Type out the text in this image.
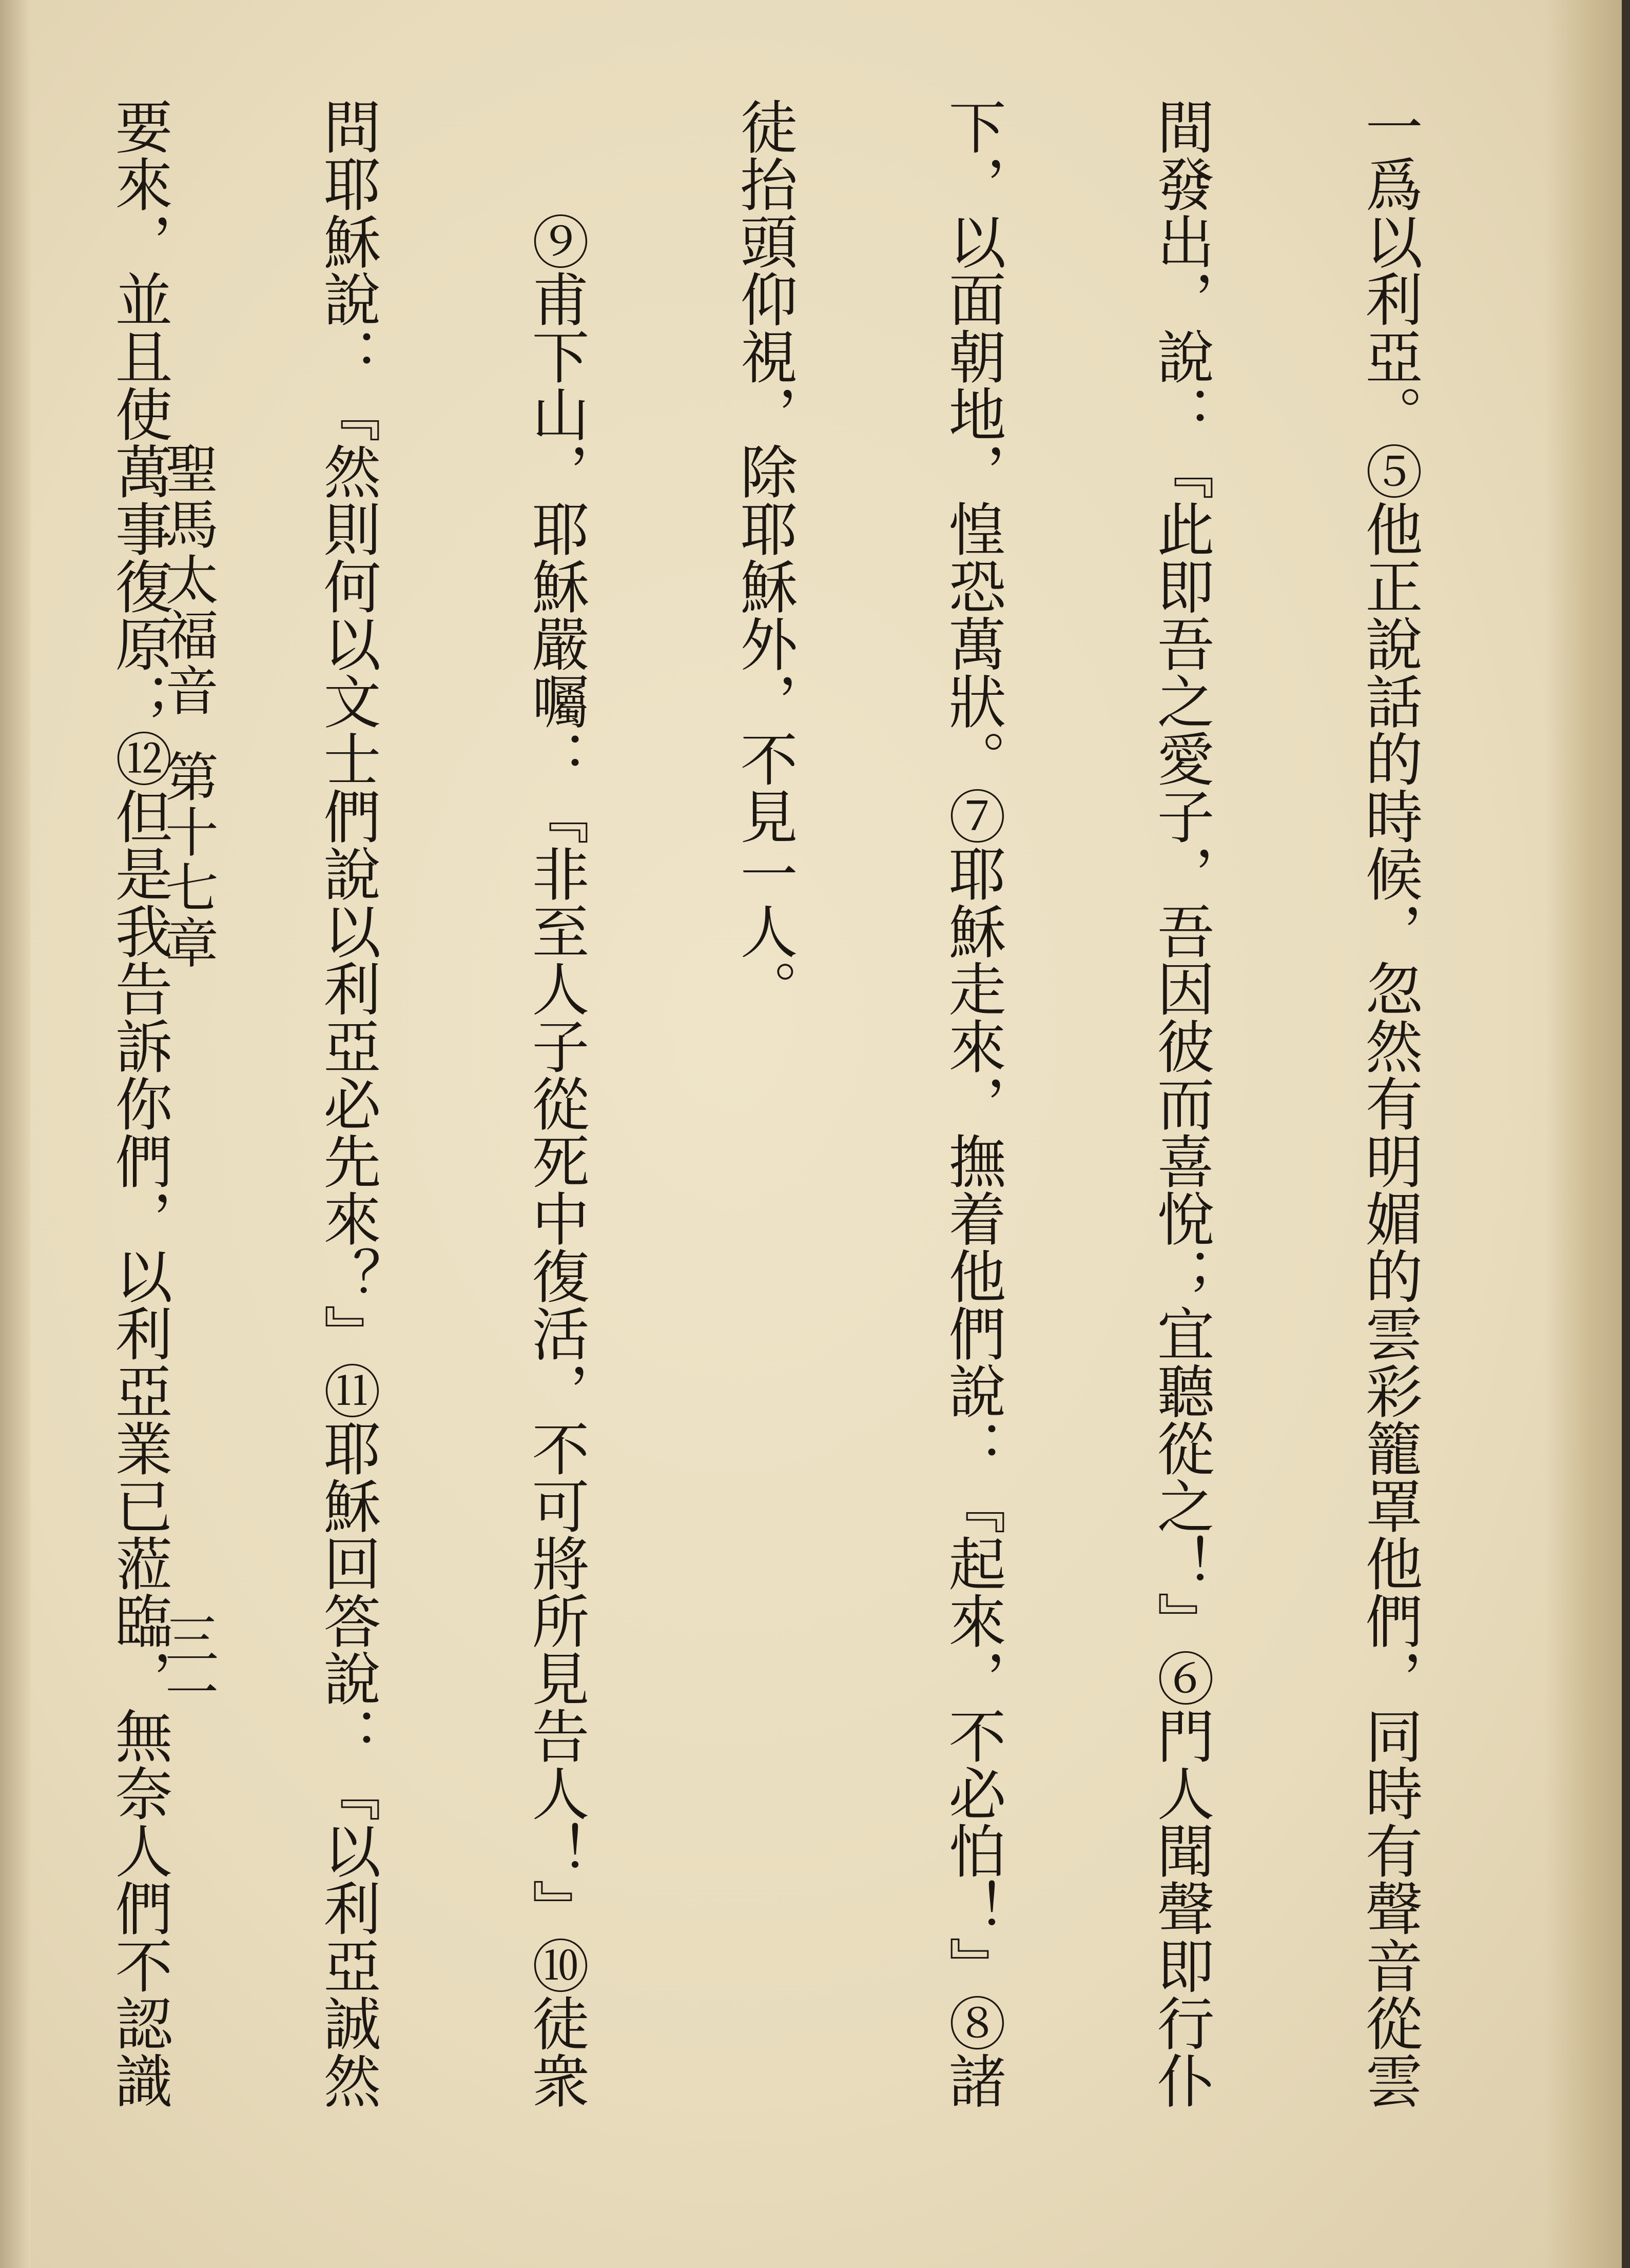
一爲以利亞。⑤他正說話的時候，忽然有明媚的雲彩籠罩他們，同時有聲音從雲間發出，說：『此即吾之愛子，吾因彼而喜悅；宜聽從之！』⑥門人聞聲即行仆下，以面朝地，惶恐萬狀。⑦耶穌走來，撫着他們說：『起來，不必怕！』⑧諸徒抬頭仰視，除耶穌外，不見一人。

⑨甫下山，耶穌嚴囑：『非至人子從死中復活，不可將所見告人！』⑩徒衆問耶穌說：『然則何以文士們說以利亞必先來？』⑪耶穌回答說：『以利亞誠然要來，並且使萬事復原；⑫但是我告訴你們，以利亞業已蒞臨，無奈人們不認識

聖馬太福音
第十七章
三一
